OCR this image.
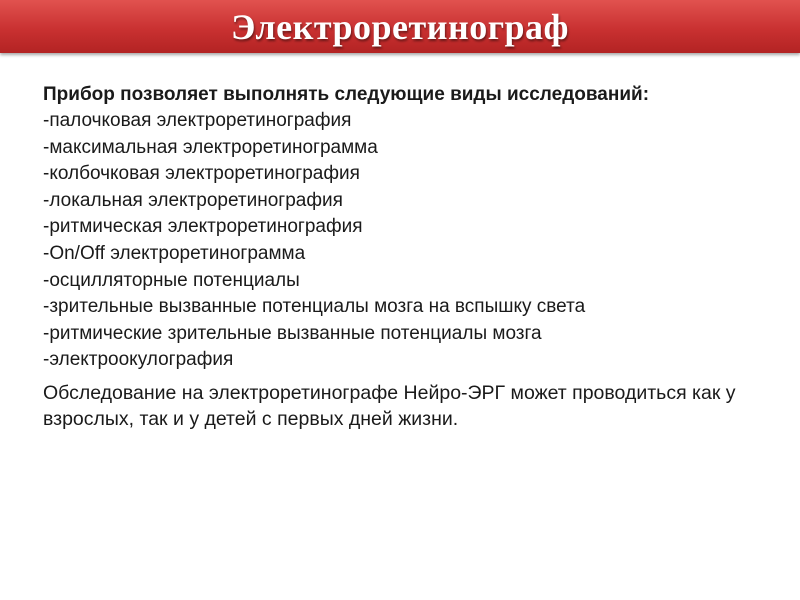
Электроретинограф

Прибор позволяет выполнять следующие виды исследований:

-палочковая электроретинография
-максимальная электроретинограмма
-колбочковая электроретинография
-локальная электроретинография
-ритмическая электроретинография
-On/Off электроретинограмма
-осцилляторные потенциалы
-зрительные вызванные потенциалы мозга на вспышку света
-ритмические зрительные вызванные потенциалы мозга
-электроокулография

Обследование на электроретинографе Нейро-ЭРГ может проводиться как у взрослых, так и у детей с первых дней жизни.
